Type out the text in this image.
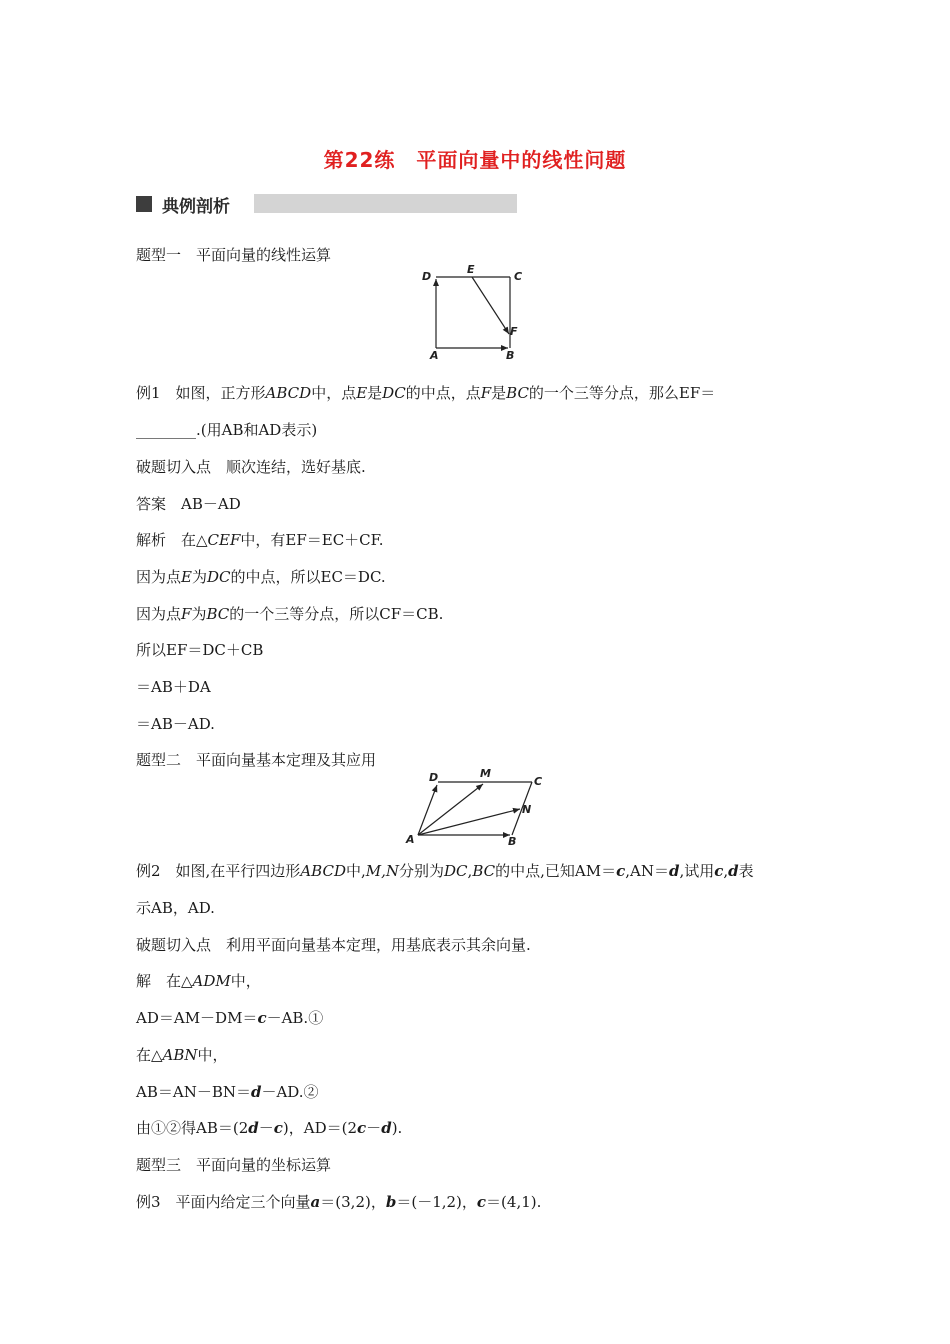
第22练　平面向量中的线性问题
典例剖析
题型一　平面向量的线性运算
D
E
C
F
A	B
例1　如图，正方形ABCD中，点E是DC的中点，点F是BC的一个三等分点，那么EF＝
________.(用AB和AD表示)
破题切入点　顺次连结，选好基底.
答案　AB－AD
解析　在△CEF中，有EF＝EC＋CF.
因为点E为DC的中点，所以EC＝DC.
因为点F为BC的一个三等分点，所以CF＝CB.
所以EF＝DC＋CB
＝AB＋DA
＝AB－AD.
题型二　平面向量基本定理及其应用
D	M
C
N
A	B
例2　如图,在平行四边形ABCD中,M,N分别为DC,BC的中点,已知AM＝c,AN＝d,试用c,d表
示AB，AD.
破题切入点　利用平面向量基本定理，用基底表示其余向量.
解　在△ADM中，
AD＝AM－DM＝c－AB.①
在△ABN中，
AB＝AN－BN＝d－AD.②
由①②得AB＝(2d－c)，AD＝(2c－d).
题型三　平面向量的坐标运算
例3　平面内给定三个向量a＝(3,2)，b＝(－1,2)，c＝(4,1).
